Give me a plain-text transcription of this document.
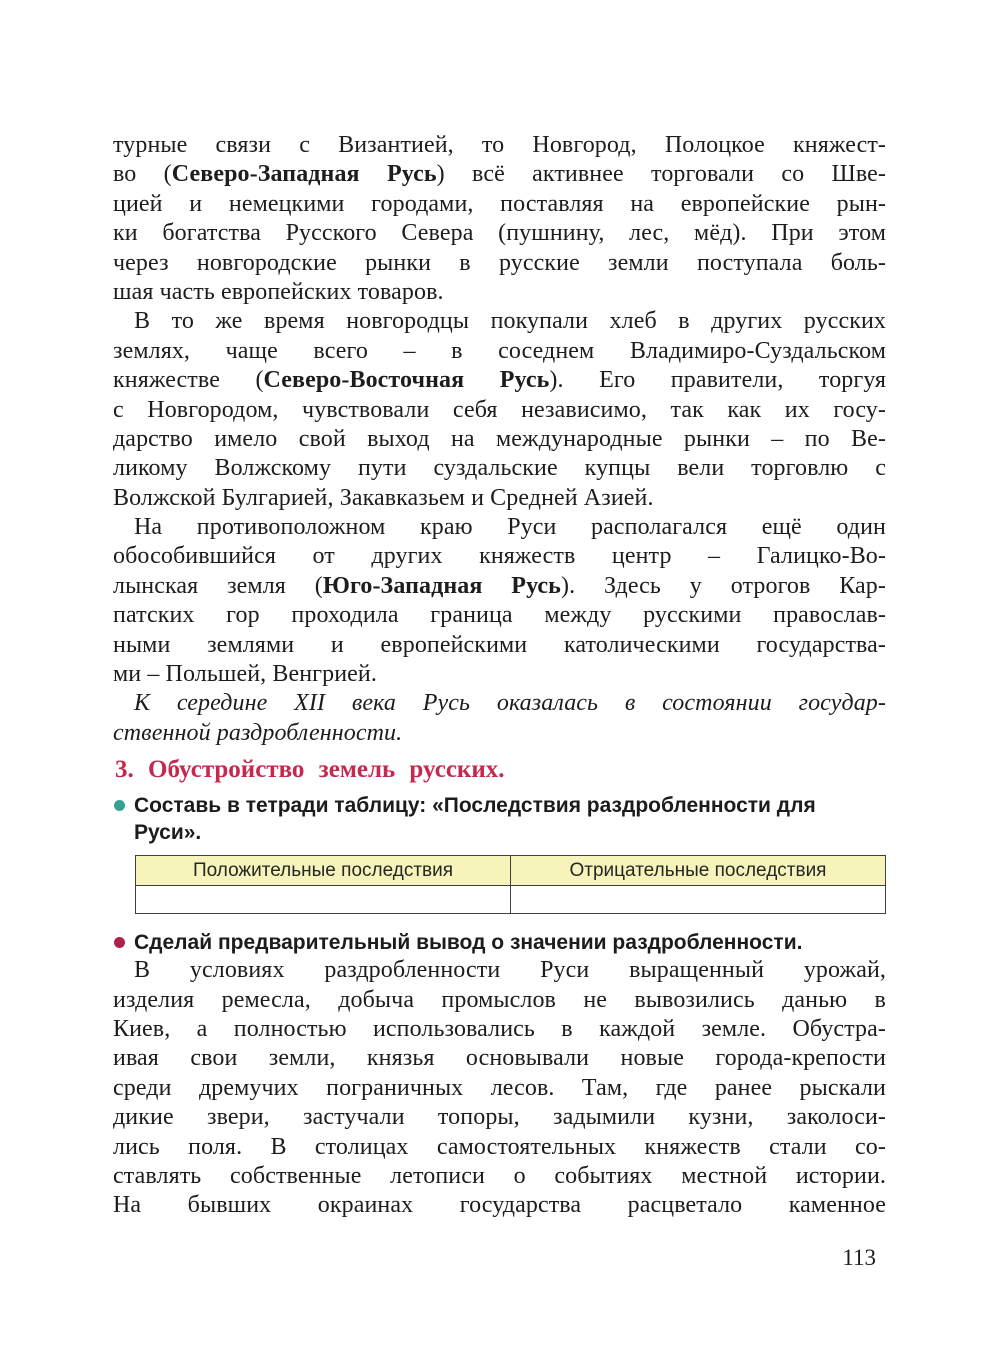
турные связи с Византией, то Новгород, Полоцкое княжест-
во (Северо-Западная Русь) всё активнее торговали со Шве-
цией и немецкими городами, поставляя на европейские рын-
ки богатства Русского Севера (пушнину, лес, мёд). При этом
через новгородские рынки в русские земли поступала боль-
шая часть европейских товаров.
В то же время новгородцы покупали хлеб в других русских
землях, чаще всего – в соседнем Владимиро-Суздальском
княжестве (Северо-Восточная Русь). Его правители, торгуя
с Новгородом, чувствовали себя независимо, так как их госу-
дарство имело свой выход на международные рынки – по Ве-
ликому Волжскому пути суздальские купцы вели торговлю с
Волжской Булгарией, Закавказьем и Средней Азией.
На противоположном краю Руси располагался ещё один
обособившийся от других княжеств центр – Галицко-Во-
лынская земля (Юго-Западная Русь). Здесь у отрогов Кар-
патских гор проходила граница между русскими православ-
ными землями и европейскими католическими государства-
ми – Польшей, Венгрией.
К середине XII века Русь оказалась в состоянии государ-
ственной раздробленности.
3. Обустройство земель русских.
Составь в тетради таблицу: «Последствия раздробленности для Руси».
Положительные последствия	Отрицательные последствия

Сделай предварительный вывод о значении раздробленности.
В условиях раздробленности Руси выращенный урожай,
изделия ремесла, добыча промыслов не вывозились данью в
Киев, а полностью использовались в каждой земле. Обустра-
ивая свои земли, князья основывали новые города-крепости
среди дремучих пограничных лесов. Там, где ранее рыскали
дикие звери, застучали топоры, задымили кузни, заколоси-
лись поля. В столицах самостоятельных княжеств стали со-
ставлять собственные летописи о событиях местной истории.
На бывших окраинах государства расцветало каменное
113
